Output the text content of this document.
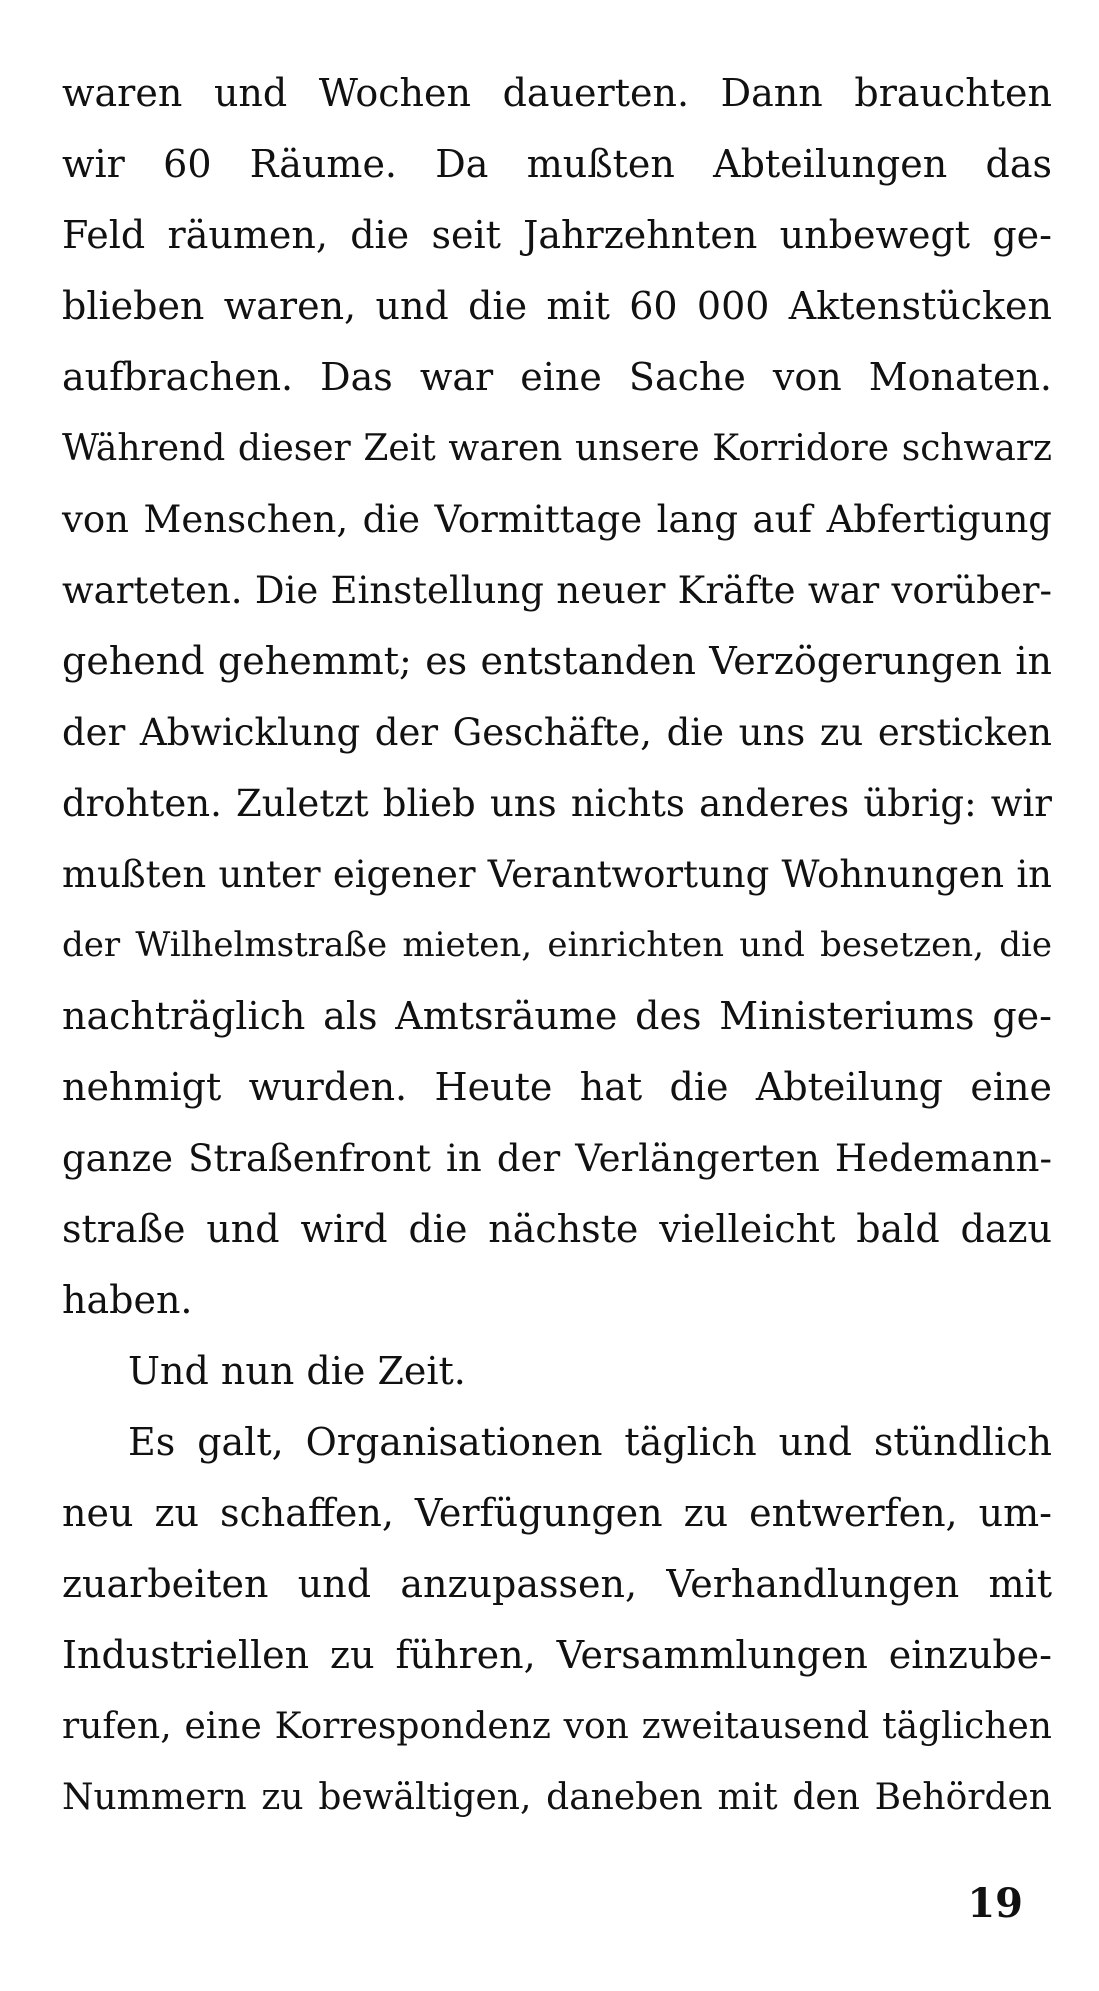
waren und Wochen dauerten. Dann brauchten
wir 60 Räume. Da mußten Abteilungen das
Feld räumen, die seit Jahrzehnten unbewegt ge-
blieben waren, und die mit 60 000 Aktenstücken
aufbrachen. Das war eine Sache von Monaten.
Während dieser Zeit waren unsere Korridore schwarz
von Menschen, die Vormittage lang auf Abfertigung
warteten. Die Einstellung neuer Kräfte war vorüber-
gehend gehemmt; es entstanden Verzögerungen in
der Abwicklung der Geschäfte, die uns zu ersticken
drohten. Zuletzt blieb uns nichts anderes übrig: wir
mußten unter eigener Verantwortung Wohnungen in
der Wilhelmstraße mieten, einrichten und besetzen, die
nachträglich als Amtsräume des Ministeriums ge-
nehmigt wurden. Heute hat die Abteilung eine
ganze Straßenfront in der Verlängerten Hedemann-
straße und wird die nächste vielleicht bald dazu
haben.
Und nun die Zeit.
Es galt, Organisationen täglich und stündlich
neu zu schaffen, Verfügungen zu entwerfen, um-
zuarbeiten und anzupassen, Verhandlungen mit
Industriellen zu führen, Versammlungen einzube-
rufen, eine Korrespondenz von zweitausend täglichen
Nummern zu bewältigen, daneben mit den Behörden
19
